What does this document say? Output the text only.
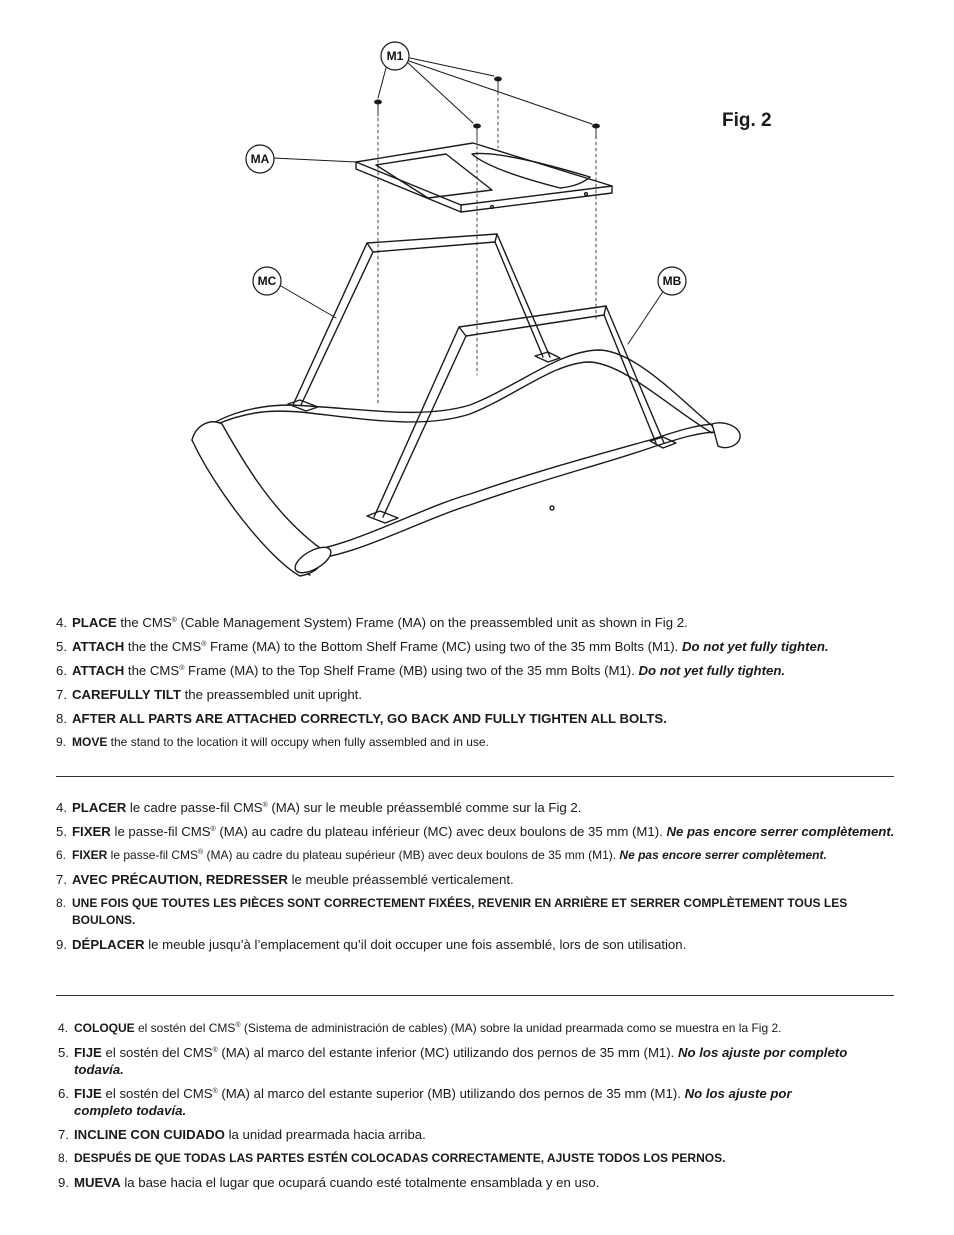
M1
MA
MC	MB
Fig. 2

4. PLACE the CMS® (Cable Management System) Frame (MA) on the preassembled unit as shown in Fig 2.

5. ATTACH the the CMS® Frame (MA) to the Bottom Shelf Frame (MC) using two of the 35 mm Bolts (M1). Do not yet fully tighten.

6. ATTACH the CMS® Frame (MA) to the Top Shelf Frame (MB) using two of the 35 mm Bolts (M1). Do not yet fully tighten.

7. CAREFULLY TILT the preassembled unit upright.

8. AFTER ALL PARTS ARE ATTACHED CORRECTLY, GO BACK AND FULLY TIGHTEN ALL BOLTS.

9. MOVE the stand to the location it will occupy when fully assembled and in use.

4. PLACER le cadre passe-fil CMS® (MA) sur le meuble préassemblé comme sur la Fig 2.

5. FIXER le passe-fil CMS® (MA) au cadre du plateau inférieur (MC) avec deux boulons de 35 mm (M1). Ne pas encore serrer complètement.

6. FIXER le passe-fil CMS® (MA) au cadre du plateau supérieur (MB) avec deux boulons de 35 mm (M1). Ne pas encore serrer complètement.

7. AVEC PRÉCAUTION, REDRESSER le meuble préassemblé verticalement.

8. UNE FOIS QUE TOUTES LES PIÈCES SONT CORRECTEMENT FIXÉES, REVENIR EN ARRIÈRE ET SERRER COMPLÈTEMENT TOUS LES BOULONS.

9. DÉPLACER le meuble jusqu’à l’emplacement qu’il doit occuper une fois assemblé, lors de son utilisation.

4. COLOQUE el sostén del CMS® (Sistema de administración de cables) (MA) sobre la unidad prearmada como se muestra en la Fig 2.

5. FIJE el sostén del CMS® (MA) al marco del estante inferior (MC) utilizando dos pernos de 35 mm (M1). No los ajuste por completo todavía.

6. FIJE el sostén del CMS® (MA) al marco del estante superior (MB) utilizando dos pernos de 35 mm (M1). No los ajuste por completo todavía.

7. INCLINE CON CUIDADO la unidad prearmada hacia arriba.

8. DESPUÉS DE QUE TODAS LAS PARTES ESTÉN COLOCADAS CORRECTAMENTE, AJUSTE TODOS LOS PERNOS.

9. MUEVA la base hacia el lugar que ocupará cuando esté totalmente ensamblada y en uso.
